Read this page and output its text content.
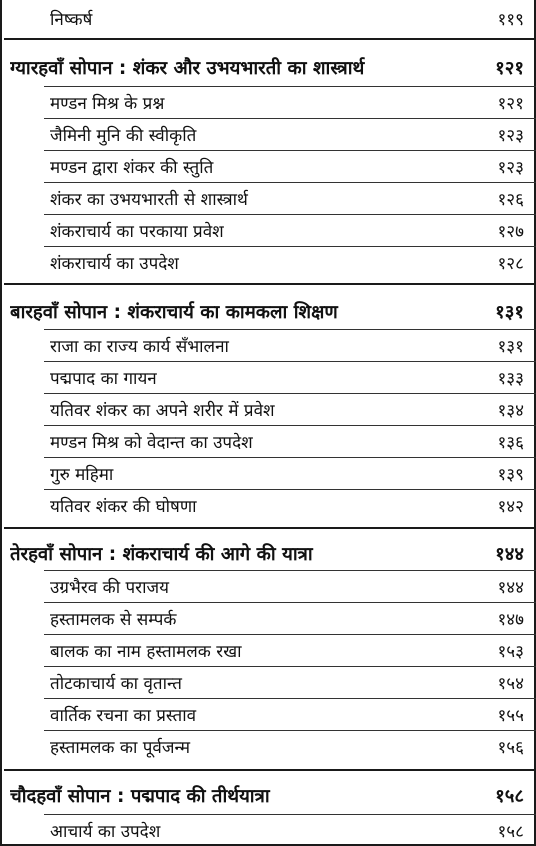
निष्कर्ष	११९
ग्यारहवाँ सोपान : शंकर और उभयभारती का शास्त्रार्थ	१२१
मण्डन मिश्र के प्रश्न	१२१
जैमिनी मुनि की स्वीकृति	१२३
मण्डन द्वारा शंकर की स्तुति	१२३
शंकर का उभयभारती से शास्त्रार्थ	१२६
शंकराचार्य का परकाया प्रवेश	१२७
शंकराचार्य का उपदेश	१२८
बारहवाँ सोपान : शंकराचार्य का कामकला शिक्षण	१३१
राजा का राज्य कार्य सँभालना	१३१
पद्मपाद का गायन	१३३
यतिवर शंकर का अपने शरीर में प्रवेश	१३४
मण्डन मिश्र को वेदान्त का उपदेश	१३६
गुरु महिमा	१३९
यतिवर शंकर की घोषणा	१४२
तेरहवाँ सोपान : शंकराचार्य की आगे की यात्रा	१४४
उग्रभैरव की पराजय	१४४
हस्तामलक से सम्पर्क	१४७
बालक का नाम हस्तामलक रखा	१५३
तोटकाचार्य का वृतान्त	१५४
वार्तिक रचना का प्रस्ताव	१५५
हस्तामलक का पूर्वजन्म	१५६
चौदहवाँ सोपान : पद्मपाद की तीर्थयात्रा	१५८
आचार्य का उपदेश	१५८
